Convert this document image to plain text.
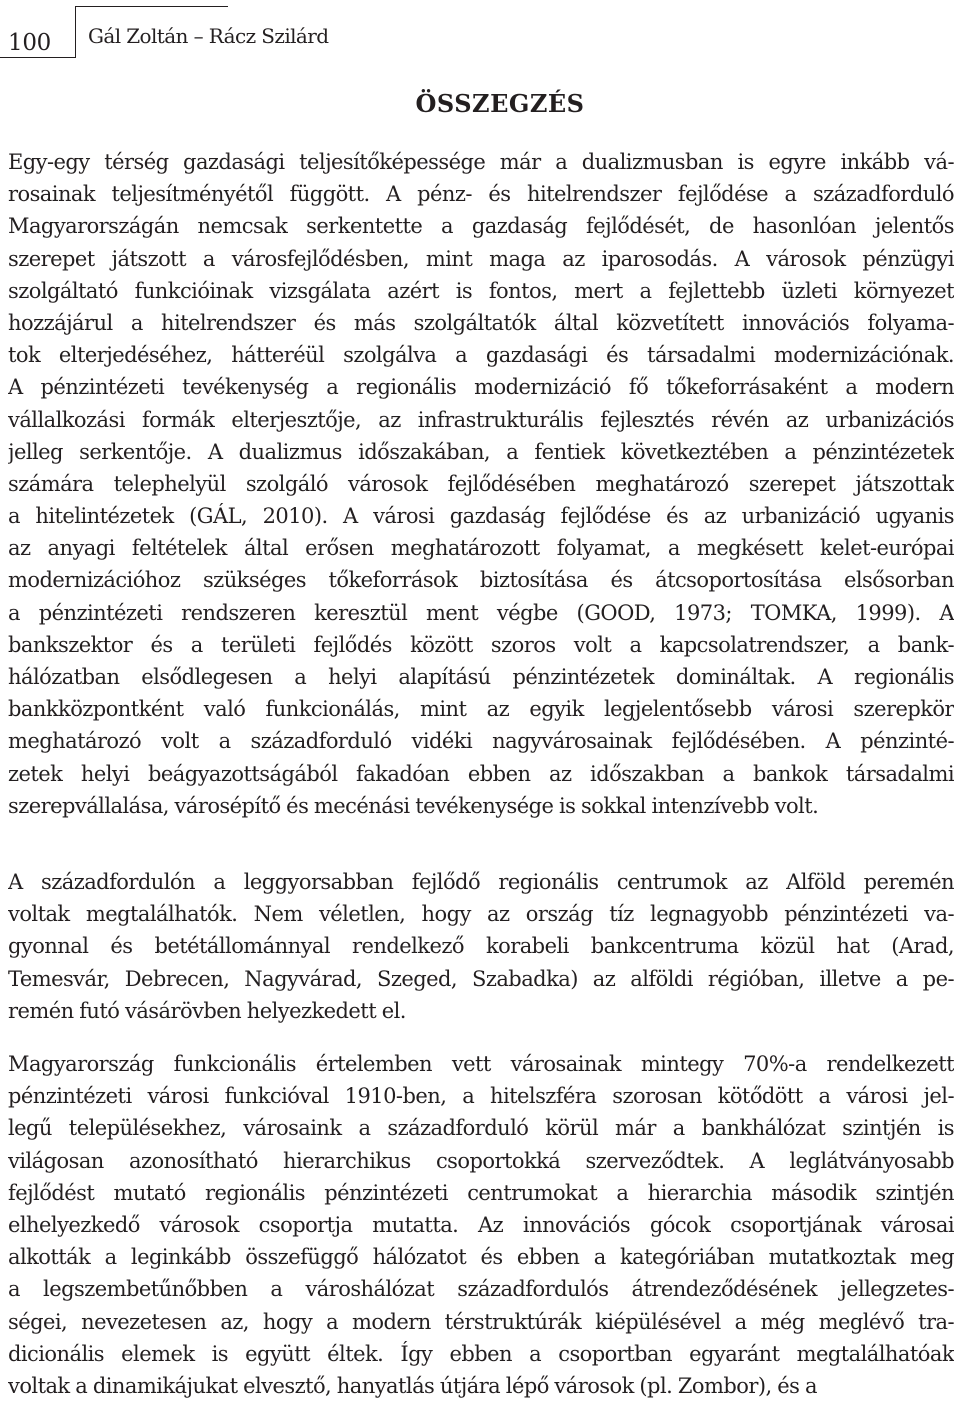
100 Gál Zoltán – Rácz Szilárd
ÖSSZEGZÉS
Egy-egy térség gazdasági teljesítőképessége már a dualizmusban is egyre inkább vá-
rosainak teljesítményétől függött. A pénz- és hitelrendszer fejlődése a századforduló
Magyarországán nemcsak serkentette a gazdaság fejlődését, de hasonlóan jelentős
szerepet játszott a városfejlődésben, mint maga az iparosodás. A városok pénzügyi
szolgáltató funkcióinak vizsgálata azért is fontos, mert a fejlettebb üzleti környezet
hozzájárul a hitelrendszer és más szolgáltatók által közvetített innovációs folyama-
tok elterjedéséhez, hátteréül szolgálva a gazdasági és társadalmi modernizációnak.
A pénzintézeti tevékenység a regionális modernizáció fő tőkeforrásaként a modern
vállalkozási formák elterjesztője, az infrastrukturális fejlesztés révén az urbanizációs
jelleg serkentője. A dualizmus időszakában, a fentiek következtében a pénzintézetek
számára telephelyül szolgáló városok fejlődésében meghatározó szerepet játszottak
a hitelintézetek (GÁL, 2010). A városi gazdaság fejlődése és az urbanizáció ugyanis
az anyagi feltételek által erősen meghatározott folyamat, a megkésett kelet-európai
modernizációhoz szükséges tőkeforrások biztosítása és átcsoportosítása elsősorban
a pénzintézeti rendszeren keresztül ment végbe (GOOD, 1973; TOMKA, 1999). A
bankszektor és a területi fejlődés között szoros volt a kapcsolatrendszer, a bank-
hálózatban elsődlegesen a helyi alapítású pénzintézetek domináltak. A regionális
bankközpontként való funkcionálás, mint az egyik legjelentősebb városi szerepkör
meghatározó volt a századforduló vidéki nagyvárosainak fejlődésében. A pénzinté-
zetek helyi beágyazottságából fakadóan ebben az időszakban a bankok társadalmi
szerepvállalása, városépítő és mecénási tevékenysége is sokkal intenzívebb volt.
A századfordulón a leggyorsabban fejlődő regionális centrumok az Alföld peremén
voltak megtalálhatók. Nem véletlen, hogy az ország tíz legnagyobb pénzintézeti va-
gyonnal és betétállománnyal rendelkező korabeli bankcentruma közül hat (Arad,
Temesvár, Debrecen, Nagyvárad, Szeged, Szabadka) az alföldi régióban, illetve a pe-
remén futó vásárövben helyezkedett el.
Magyarország funkcionális értelemben vett városainak mintegy 70%-a rendelkezett
pénzintézeti városi funkcióval 1910-ben, a hitelszféra szorosan kötődött a városi jel-
legű településekhez, városaink a századforduló körül már a bankhálózat szintjén is
világosan azonosítható hierarchikus csoportokká szerveződtek. A leglátványosabb
fejlődést mutató regionális pénzintézeti centrumokat a hierarchia második szintjén
elhelyezkedő városok csoportja mutatta. Az innovációs gócok csoportjának városai
alkották a leginkább összefüggő hálózatot és ebben a kategóriában mutatkoztak meg
a legszembetűnőbben a városhálózat századfordulós átrendeződésének jellegzetes-
ségei, nevezetesen az, hogy a modern térstruktúrák kiépülésével a még meglévő tra-
dicionális elemek is együtt éltek. Így ebben a csoportban egyaránt megtalálhatóak
voltak a dinamikájukat elvesztő, hanyatlás útjára lépő városok (pl. Zombor), és a
